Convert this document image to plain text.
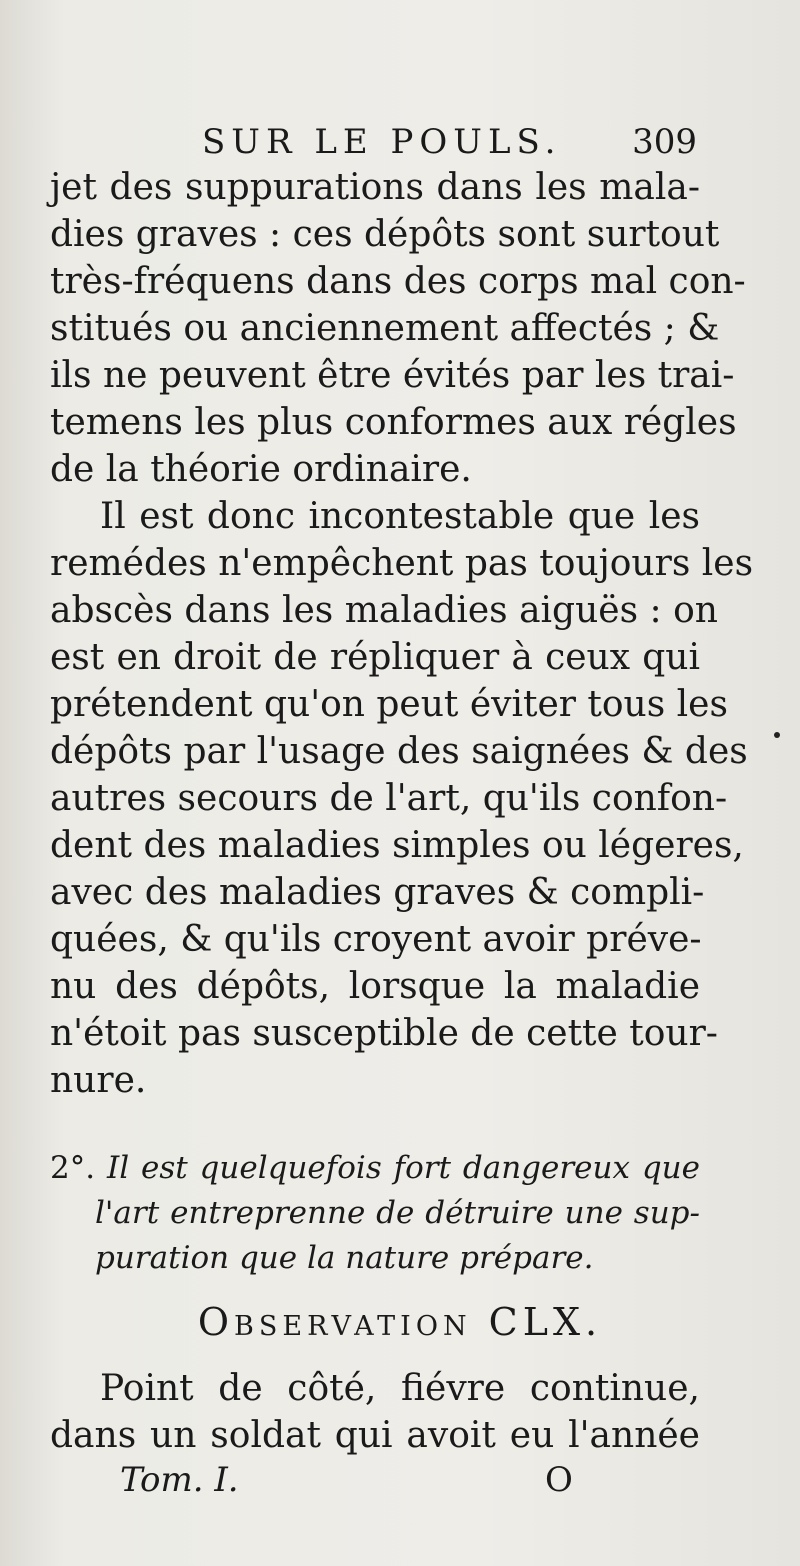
SUR LE POULS. 309
jet des suppurations dans les mala-
dies graves : ces dépôts sont surtout
très-fréquens dans des corps mal con-
stitués ou anciennement affectés ; &
ils ne peuvent être évités par les trai-
temens les plus conformes aux régles
de la théorie ordinaire.
Il est donc incontestable que les
remédes n'empêchent pas toujours les
abscès dans les maladies aiguës : on
est en droit de répliquer à ceux qui
prétendent qu'on peut éviter tous les
dépôts par l'usage des saignées & des
autres secours de l'art, qu'ils confon-
dent des maladies simples ou légeres,
avec des maladies graves & compli-
quées, & qu'ils croyent avoir préve-
nu des dépôts, lorsque la maladie
n'étoit pas susceptible de cette tour-
nure.
2°. Il est quelquefois fort dangereux que
l'art entreprenne de détruire une sup-
puration que la nature prépare.
Observation CLX.
Point de côté, fiévre continue,
dans un soldat qui avoit eu l'année
Tom. I.	O
